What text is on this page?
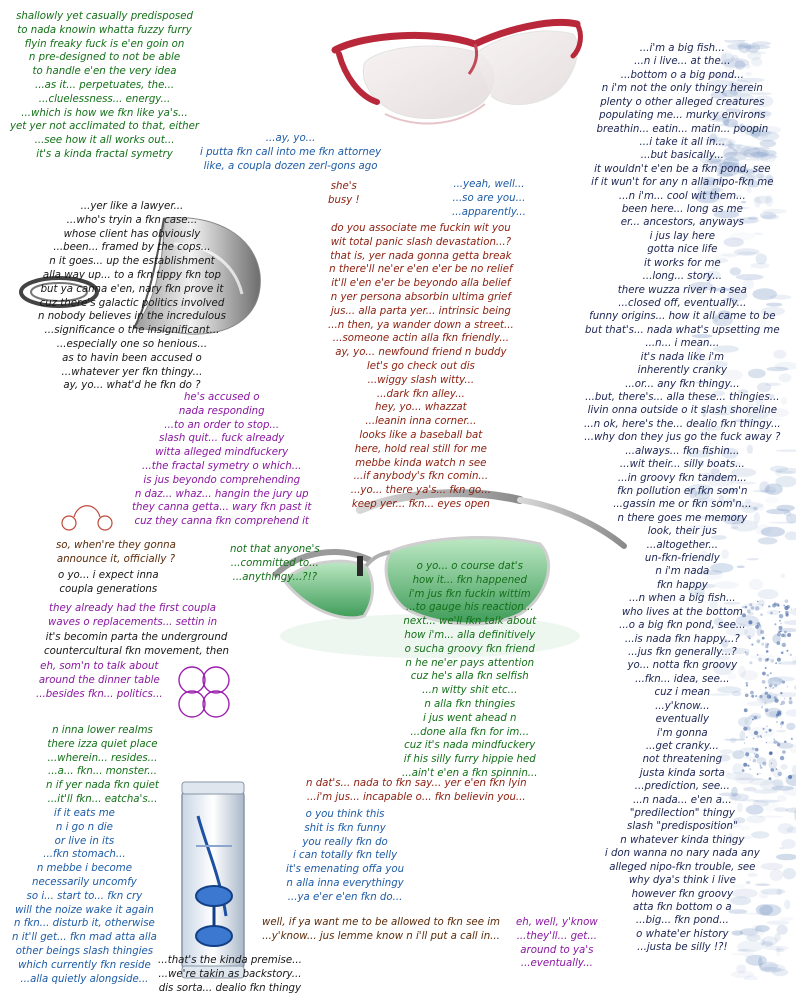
shallowly yet casually predisposed
to nada knowin whatta fuzzy furry
flyin freaky fuck is e'en goin on
n pre-designed to not be able
to handle e'en the very idea
...as it... perpetuates, the...
...cluelessness... energy...
...which is how we fkn like ya's...
yet yer not acclimated to that, either
...see how it all works out...
it's a kinda fractal symetry
...ay, yo...
i putta fkn call into me fkn attorney
like, a coupla dozen zerl-gons ago
she's
busy !
...yeah, well...
...so are you...
...apparently...
...yer like a lawyer...
...who's tryin a fkn case...
whose client has obviously
...been... framed by the cops...
n it goes... up the establishment
alla way up... to a fkn tippy fkn top
but ya canna e'en, nary fkn prove it
cuz there's galactic politics involved
n nobody believes in the incredulous
...significance o the insignificant...
...especially one so henious...
as to havin been accused o
...whatever yer fkn thingy...
ay, yo... what'd he fkn do ?
do you associate me fuckin wit you
wit total panic slash devastation...?
that is, yer nada gonna getta break
n there'll ne'er e'en e'er be no relief
it'll e'en e'er be beyondo alla belief
n yer persona absorbin ultima grief
jus... alla parta yer... intrinsic being
...n then, ya wander down a street...
...someone actin alla fkn friendly...
ay, yo... newfound friend n buddy
let's go check out dis
...wiggy slash witty...
...dark fkn alley...
hey, yo... whazzat
...leanin inna corner...
looks like a baseball bat
here, hold real still for me
mebbe kinda watch n see
...if anybody's fkn comin...
...yo... there ya's... fkn go...
keep yer... fkn... eyes open
he's accused o
nada responding
...to an order to stop...
slash quit... fuck already
witta alleged mindfuckery
...the fractal symetry o which...
is jus beyondo comprehending
n daz... whaz... hangin the jury up
they canna getta... wary fkn past it
cuz they canna fkn comprehend it
...i'm a big fish...
...n i live... at the...
...bottom o a big pond...
n i'm not the only thingy herein
plenty o other alleged creatures
populating me... murky environs
breathin... eatin... matin... poopin
...i take it all in...
...but basically...
it wouldn't e'en be a fkn pond, see
if it wun't for any n alla nipo-fkn me
...n i'm... cool wit them...
been here... long as me
er... ancestors, anyways
i jus lay here
gotta nice life
it works for me
...long... story...
there wuzza river n a sea
...closed off, eventually...
funny origins... how it all came to be
but that's... nada what's upsetting me
...n... i mean...
it's nada like i'm
inherently cranky
...or... any fkn thingy...
...but, there's... alla these... thingies...
livin onna outside o it slash shoreline
...n ok, here's the... dealio fkn thingy...
...why don they jus go the fuck away ?
...always... fkn fishin...
...wit their... silly boats...
...in groovy fkn tandem...
fkn pollution er fkn som'n
...gassin me or fkn som'n...
n there goes me memory
look, their jus
...altogether...
un-fkn-friendly
n i'm nada
fkn happy
...n when a big fish...
who lives at the bottom
...o a big fkn pond, see...
...is nada fkn happy...?
...jus fkn generally...?
yo... notta fkn groovy
...fkn... idea, see...
cuz i mean
...y'know...
eventually
i'm gonna
...get cranky...
not threatening
justa kinda sorta
...prediction, see...
...n nada... e'en a...
"predilection" thingy
slash "predisposition"
n whatever kinda thingy
i don wanna no nary nada any
alleged nipo-fkn trouble, see
why dya's think i live
however fkn groovy
atta fkn bottom o a
...big... fkn pond...
o whate'er history
...justa be silly !?!
so, when're they gonna
announce it, officially ?
o yo... i expect inna
coupla generations
not that anyone's
...committed to...
...anythingy...?!?
they already had the first coupla
waves o replacements... settin in
it's becomin parta the underground
countercultural fkn movement, then
eh, som'n to talk about
around the dinner table
...besides fkn... politics...
o yo... o course dat's
how it... fkn happened
i'm jus fkn fuckin wittim
...to gauge his reaction...
next... we'll fkn talk about
how i'm... alla definitively
o sucha groovy fkn friend
n he ne'er pays attention
cuz he's alla fkn selfish
...n witty shit etc...
n alla fkn thingies
i jus went ahead n
...done alla fkn for im...
cuz it's nada mindfuckery
if his silly furry hippie hed
...ain't e'en a fkn spinnin...
n inna lower realms
there izza quiet place
...wherein... resides...
...a... fkn... monster...
n if yer nada fkn quiet
...it'll fkn... eatcha's...
n dat's... nada to fkn say... yer e'en fkn lyin
...i'm jus... incapable o... fkn believin you...
if it eats me
n i go n die
or live in its
...fkn stomach...
n mebbe i become
necessarily uncomfy
so i... start to... fkn cry
will the noize wake it again
n fkn... disturb it, otherwise
n it'll get... fkn mad atta alla
other beings slash thingies
which currently fkn reside
...alla quietly alongside...
o you think this
shit is fkn funny
you really fkn do
i can totally fkn telly
it's emenating offa you
n alla inna everythingy
...ya e'er e'en fkn do...
...that's the kinda premise...
...we're takin as backstory...
dis sorta... dealio fkn thingy
well, if ya want me to be allowed to fkn see im
...y'know... jus lemme know n i'll put a call in...
eh, well, y'know
...they'll... get...
around to ya's
...eventually...
